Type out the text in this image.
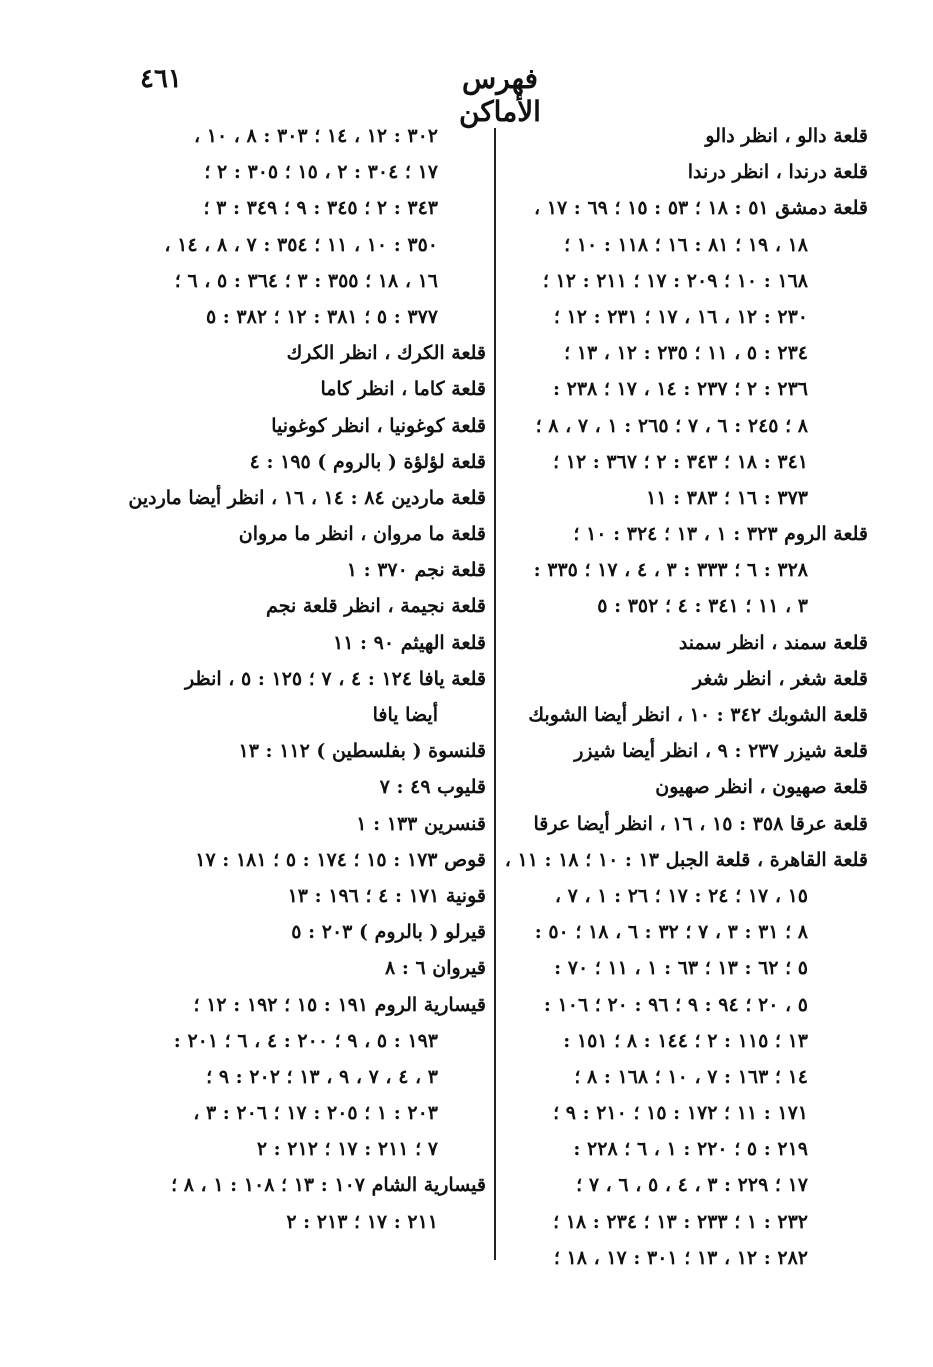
٤٦١	فهرس الأماكن
قلعة دالو ، انظر دالو
قلعة درندا ، انظر درندا
قلعة دمشق ٥١ : ١٨ ؛ ٥٣ : ١٥ ؛ ٦٩ : ١٧ ،
١٨ ، ١٩ ؛ ٨١ : ١٦ ؛ ١١٨ : ١٠ ؛
١٦٨ : ١٠ ؛ ٢٠٩ : ١٧ ؛ ٢١١ : ١٢ ؛
٢٣٠ : ١٢ ، ١٦ ، ١٧ ؛ ٢٣١ : ١٢ ؛
٢٣٤ : ٥ ، ١١ ؛ ٢٣٥ : ١٢ ، ١٣ ؛
٢٣٦ : ٢ ؛ ٢٣٧ : ١٤ ، ١٧ ؛ ٢٣٨ :
٨ ؛ ٢٤٥ : ٦ ، ٧ ؛ ٢٦٥ : ١ ، ٧ ، ٨ ؛
٣٤١ : ١٨ ؛ ٣٤٣ : ٢ ؛ ٣٦٧ : ١٢ ؛
٣٧٣ : ١٦ ؛ ٣٨٣ : ١١
قلعة الروم ٣٢٣ : ١ ، ١٣ ؛ ٣٢٤ : ١٠ ؛
٣٢٨ : ٦ ؛ ٣٣٣ : ٣ ، ٤ ، ١٧ ؛ ٣٣٥ :
٣ ، ١١ ؛ ٣٤١ : ٤ ؛ ٣٥٢ : ٥
قلعة سمند ، انظر سمند
قلعة شغر ، انظر شغر
قلعة الشوبك ٣٤٢ : ١٠ ، انظر أيضا الشوبك
قلعة شيزر ٢٣٧ : ٩ ، انظر أيضا شيزر
قلعة صهيون ، انظر صهيون
قلعة عرقا ٣٥٨ : ١٥ ، ١٦ ، انظر أيضا عرقا
قلعة القاهرة ، قلعة الجبل ١٣ : ١٠ ؛ ١٨ : ١١ ،
١٥ ، ١٧ ؛ ٢٤ : ١٧ ؛ ٢٦ : ١ ، ٧ ،
٨ ؛ ٣١ : ٣ ، ٧ ؛ ٣٢ : ٦ ، ١٨ ؛ ٥٠ :
٥ ؛ ٦٢ : ١٣ ؛ ٦٣ : ١ ، ١١ ؛ ٧٠ :
٥ ، ٢٠ ؛ ٩٤ : ٩ ؛ ٩٦ : ٢٠ ؛ ١٠٦ :
١٣ ؛ ١١٥ : ٢ ؛ ١٤٤ : ٨ ؛ ١٥١ :
١٤ ؛ ١٦٣ : ٧ ، ١٠ ؛ ١٦٨ : ٨ ؛
١٧١ : ١١ ؛ ١٧٢ : ١٥ ؛ ٢١٠ : ٩ ؛
٢١٩ : ٥ ؛ ٢٢٠ : ١ ، ٦ ؛ ٢٢٨ :
١٧ ؛ ٢٢٩ : ٣ ، ٤ ، ٥ ، ٦ ، ٧ ؛
٢٣٢ : ١ ؛ ٢٣٣ : ١٣ ؛ ٢٣٤ : ١٨ ؛
٢٨٢ : ١٢ ، ١٣ ؛ ٣٠١ : ١٧ ، ١٨ ؛
٣٠٢ : ١٢ ، ١٤ ؛ ٣٠٣ : ٨ ، ١٠ ،
١٧ ؛ ٣٠٤ : ٢ ، ١٥ ؛ ٣٠٥ : ٢ ؛
٣٤٣ : ٢ ؛ ٣٤٥ : ٩ ؛ ٣٤٩ : ٣ ؛
٣٥٠ : ١٠ ، ١١ ؛ ٣٥٤ : ٧ ، ٨ ، ١٤ ،
١٦ ، ١٨ ؛ ٣٥٥ : ٣ ؛ ٣٦٤ : ٥ ، ٦ ؛
٣٧٧ : ٥ ؛ ٣٨١ : ١٢ ؛ ٣٨٢ : ٥
قلعة الكرك ، انظر الكرك
قلعة كاما ، انظر كاما
قلعة كوغونيا ، انظر كوغونيا
قلعة لؤلؤة ( بالروم ) ١٩٥ : ٤
قلعة ماردين ٨٤ : ١٤ ، ١٦ ، انظر أيضا ماردين
قلعة ما مروان ، انظر ما مروان
قلعة نجم ٣٧٠ : ١
قلعة نجيمة ، انظر قلعة نجم
قلعة الهيثم ٩٠ : ١١
قلعة يافا ١٢٤ : ٤ ، ٧ ؛ ١٢٥ : ٥ ، انظر
أيضا يافا
قلنسوة ( بفلسطين ) ١١٢ : ١٣
قليوب ٤٩ : ٧
قنسرين ١٣٣ : ١
قوص ١٧٣ : ١٥ ؛ ١٧٤ : ٥ ؛ ١٨١ : ١٧
قونية ١٧١ : ٤ ؛ ١٩٦ : ١٣
قيرلو ( بالروم ) ٢٠٣ : ٥
قيروان ٦ : ٨
قيسارية الروم ١٩١ : ١٥ ؛ ١٩٢ : ١٢ ؛
١٩٣ : ٥ ، ٩ ؛ ٢٠٠ : ٤ ، ٦ ؛ ٢٠١ :
٣ ، ٤ ، ٧ ، ٩ ، ١٣ ؛ ٢٠٢ : ٩ ؛
٢٠٣ : ١ ؛ ٢٠٥ : ١٧ ؛ ٢٠٦ : ٣ ،
٧ ؛ ٢١١ : ١٧ ؛ ٢١٢ : ٢
قيسارية الشام ١٠٧ : ١٣ ؛ ١٠٨ : ١ ، ٨ ؛
٢١١ : ١٧ ؛ ٢١٣ : ٢
